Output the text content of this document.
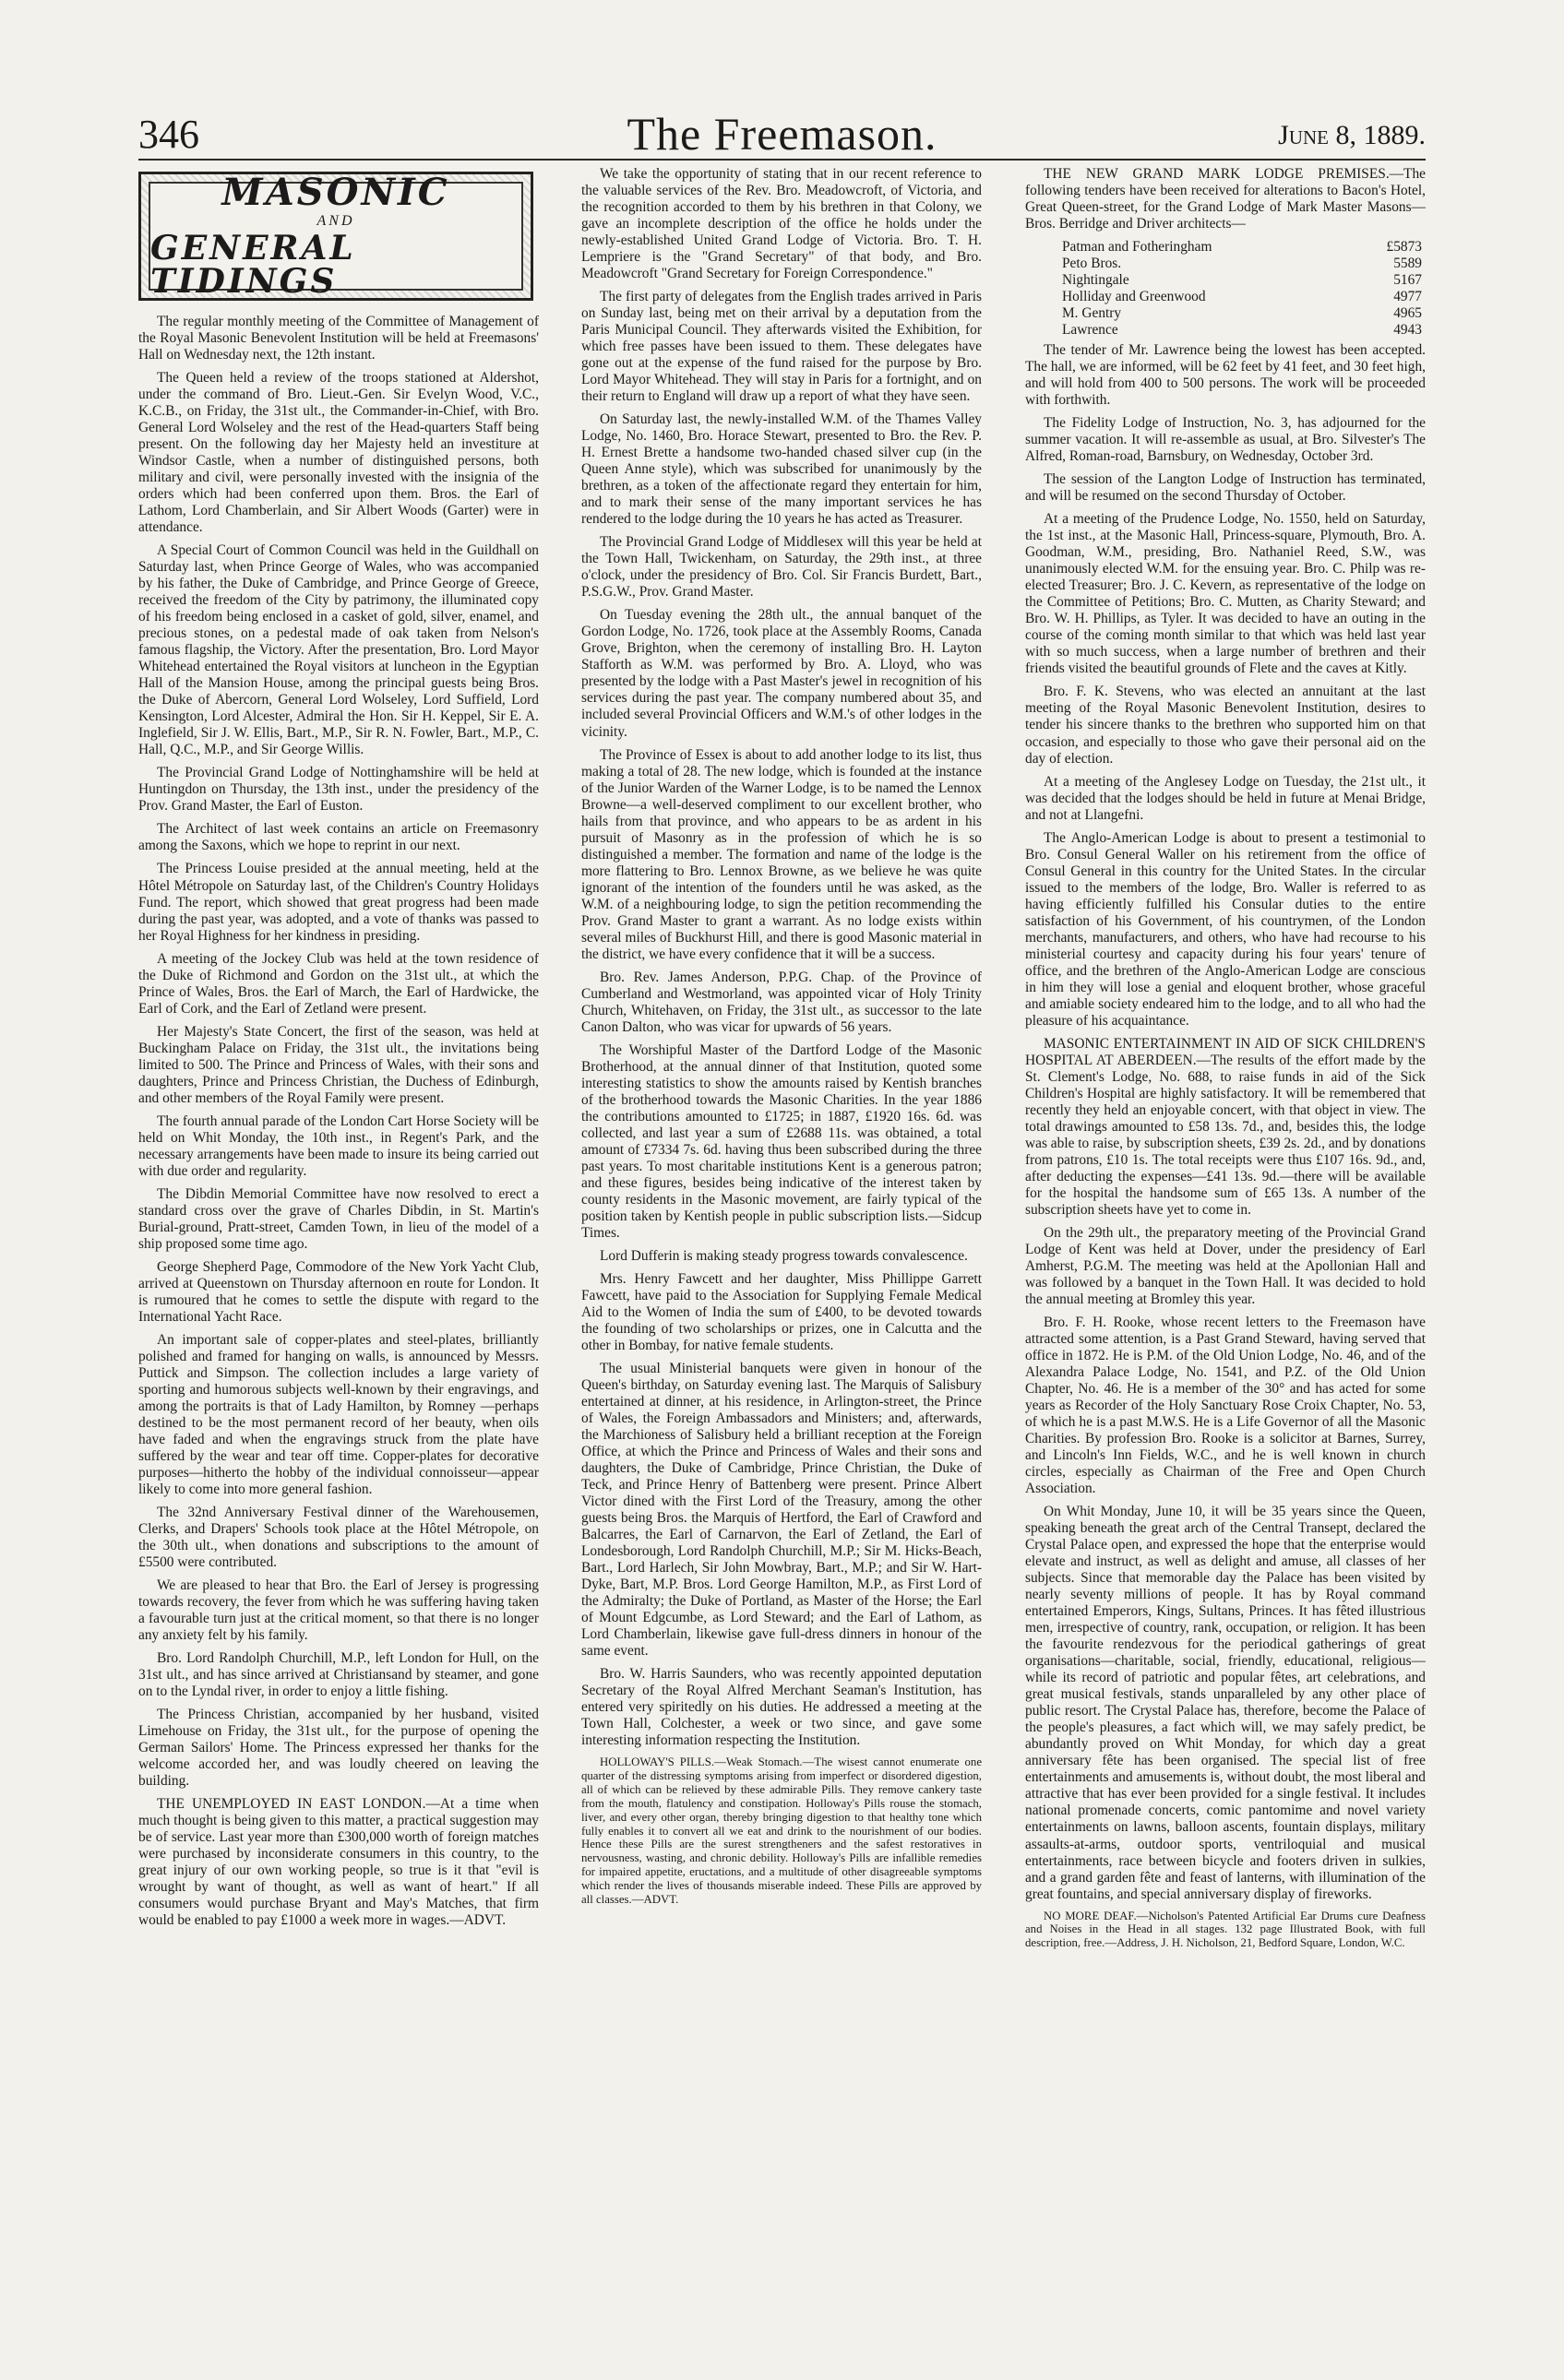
346	The Freemason.	June 8, 1889.
MASONIC
AND
GENERAL TIDINGS

The regular monthly meeting of the Committee of Management of the Royal Masonic Benevolent Institution will be held at Freemasons' Hall on Wednesday next, the 12th instant.

The Queen held a review of the troops stationed at Aldershot, under the command of Bro. Lieut.-Gen. Sir Evelyn Wood, V.C., K.C.B., on Friday, the 31st ult., the Commander-in-Chief, with Bro. General Lord Wolseley and the rest of the Head-quarters Staff being present. On the following day her Majesty held an investiture at Windsor Castle, when a number of distinguished persons, both military and civil, were personally invested with the insignia of the orders which had been conferred upon them. Bros. the Earl of Lathom, Lord Chamberlain, and Sir Albert Woods (Garter) were in attendance.

A Special Court of Common Council was held in the Guildhall on Saturday last, when Prince George of Wales, who was accompanied by his father, the Duke of Cambridge, and Prince George of Greece, received the freedom of the City by patrimony, the illuminated copy of his freedom being enclosed in a casket of gold, silver, enamel, and precious stones, on a pedestal made of oak taken from Nelson's famous flagship, the Victory. After the presentation, Bro. Lord Mayor Whitehead entertained the Royal visitors at luncheon in the Egyptian Hall of the Mansion House, among the principal guests being Bros. the Duke of Abercorn, General Lord Wolseley, Lord Suffield, Lord Kensington, Lord Alcester, Admiral the Hon. Sir H. Keppel, Sir E. A. Inglefield, Sir J. W. Ellis, Bart., M.P., Sir R. N. Fowler, Bart., M.P., C. Hall, Q.C., M.P., and Sir George Willis.

The Provincial Grand Lodge of Nottinghamshire will be held at Huntingdon on Thursday, the 13th inst., under the presidency of the Prov. Grand Master, the Earl of Euston.

The Architect of last week contains an article on Freemasonry among the Saxons, which we hope to reprint in our next.

The Princess Louise presided at the annual meeting, held at the Hôtel Métropole on Saturday last, of the Children's Country Holidays Fund. The report, which showed that great progress had been made during the past year, was adopted, and a vote of thanks was passed to her Royal Highness for her kindness in presiding.

A meeting of the Jockey Club was held at the town residence of the Duke of Richmond and Gordon on the 31st ult., at which the Prince of Wales, Bros. the Earl of March, the Earl of Hardwicke, the Earl of Cork, and the Earl of Zetland were present.

Her Majesty's State Concert, the first of the season, was held at Buckingham Palace on Friday, the 31st ult., the invitations being limited to 500. The Prince and Princess of Wales, with their sons and daughters, Prince and Princess Christian, the Duchess of Edinburgh, and other members of the Royal Family were present.

The fourth annual parade of the London Cart Horse Society will be held on Whit Monday, the 10th inst., in Regent's Park, and the necessary arrangements have been made to insure its being carried out with due order and regularity.

The Dibdin Memorial Committee have now resolved to erect a standard cross over the grave of Charles Dibdin, in St. Martin's Burial-ground, Pratt-street, Camden Town, in lieu of the model of a ship proposed some time ago.

George Shepherd Page, Commodore of the New York Yacht Club, arrived at Queenstown on Thursday afternoon en route for London. It is rumoured that he comes to settle the dispute with regard to the International Yacht Race.

An important sale of copper-plates and steel-plates, brilliantly polished and framed for hanging on walls, is announced by Messrs. Puttick and Simpson. The collection includes a large variety of sporting and humorous subjects well-known by their engravings, and among the portraits is that of Lady Hamilton, by Romney —perhaps destined to be the most permanent record of her beauty, when oils have faded and when the engravings struck from the plate have suffered by the wear and tear off time. Copper-plates for decorative purposes—hitherto the hobby of the individual connoisseur—appear likely to come into more general fashion.

The 32nd Anniversary Festival dinner of the Warehousemen, Clerks, and Drapers' Schools took place at the Hôtel Métropole, on the 30th ult., when donations and subscriptions to the amount of £5500 were contributed.

We are pleased to hear that Bro. the Earl of Jersey is progressing towards recovery, the fever from which he was suffering having taken a favourable turn just at the critical moment, so that there is no longer any anxiety felt by his family.

Bro. Lord Randolph Churchill, M.P., left London for Hull, on the 31st ult., and has since arrived at Christiansand by steamer, and gone on to the Lyndal river, in order to enjoy a little fishing.

The Princess Christian, accompanied by her husband, visited Limehouse on Friday, the 31st ult., for the purpose of opening the German Sailors' Home. The Princess expressed her thanks for the welcome accorded her, and was loudly cheered on leaving the building.

THE UNEMPLOYED IN EAST LONDON.—At a time when much thought is being given to this matter, a practical suggestion may be of service. Last year more than £300,000 worth of foreign matches were purchased by inconsiderate consumers in this country, to the great injury of our own working people, so true is it that "evil is wrought by want of thought, as well as want of heart." If all consumers would purchase Bryant and May's Matches, that firm would be enabled to pay £1000 a week more in wages.—ADVT.

We take the opportunity of stating that in our recent reference to the valuable services of the Rev. Bro. Meadowcroft, of Victoria, and the recognition accorded to them by his brethren in that Colony, we gave an incomplete description of the office he holds under the newly-established United Grand Lodge of Victoria. Bro. T. H. Lempriere is the "Grand Secretary" of that body, and Bro. Meadowcroft "Grand Secretary for Foreign Correspondence."

The first party of delegates from the English trades arrived in Paris on Sunday last, being met on their arrival by a deputation from the Paris Municipal Council. They afterwards visited the Exhibition, for which free passes have been issued to them. These delegates have gone out at the expense of the fund raised for the purpose by Bro. Lord Mayor Whitehead. They will stay in Paris for a fortnight, and on their return to England will draw up a report of what they have seen.

On Saturday last, the newly-installed W.M. of the Thames Valley Lodge, No. 1460, Bro. Horace Stewart, presented to Bro. the Rev. P. H. Ernest Brette a handsome two-handed chased silver cup (in the Queen Anne style), which was subscribed for unanimously by the brethren, as a token of the affectionate regard they entertain for him, and to mark their sense of the many important services he has rendered to the lodge during the 10 years he has acted as Treasurer.

The Provincial Grand Lodge of Middlesex will this year be held at the Town Hall, Twickenham, on Saturday, the 29th inst., at three o'clock, under the presidency of Bro. Col. Sir Francis Burdett, Bart., P.S.G.W., Prov. Grand Master.

On Tuesday evening the 28th ult., the annual banquet of the Gordon Lodge, No. 1726, took place at the Assembly Rooms, Canada Grove, Brighton, when the ceremony of installing Bro. H. Layton Stafforth as W.M. was performed by Bro. A. Lloyd, who was presented by the lodge with a Past Master's jewel in recognition of his services during the past year. The company numbered about 35, and included several Provincial Officers and W.M.'s of other lodges in the vicinity.

The Province of Essex is about to add another lodge to its list, thus making a total of 28. The new lodge, which is founded at the instance of the Junior Warden of the Warner Lodge, is to be named the Lennox Browne—a well-deserved compliment to our excellent brother, who hails from that province, and who appears to be as ardent in his pursuit of Masonry as in the profession of which he is so distinguished a member. The formation and name of the lodge is the more flattering to Bro. Lennox Browne, as we believe he was quite ignorant of the intention of the founders until he was asked, as the W.M. of a neighbouring lodge, to sign the petition recommending the Prov. Grand Master to grant a warrant. As no lodge exists within several miles of Buckhurst Hill, and there is good Masonic material in the district, we have every confidence that it will be a success.

Bro. Rev. James Anderson, P.P.G. Chap. of the Province of Cumberland and Westmorland, was appointed vicar of Holy Trinity Church, Whitehaven, on Friday, the 31st ult., as successor to the late Canon Dalton, who was vicar for upwards of 56 years.

The Worshipful Master of the Dartford Lodge of the Masonic Brotherhood, at the annual dinner of that Institution, quoted some interesting statistics to show the amounts raised by Kentish branches of the brotherhood towards the Masonic Charities. In the year 1886 the contributions amounted to £1725; in 1887, £1920 16s. 6d. was collected, and last year a sum of £2688 11s. was obtained, a total amount of £7334 7s. 6d. having thus been subscribed during the three past years. To most charitable institutions Kent is a generous patron; and these figures, besides being indicative of the interest taken by county residents in the Masonic movement, are fairly typical of the position taken by Kentish people in public subscription lists.—Sidcup Times.

Lord Dufferin is making steady progress towards convalescence.

Mrs. Henry Fawcett and her daughter, Miss Phillippe Garrett Fawcett, have paid to the Association for Supplying Female Medical Aid to the Women of India the sum of £400, to be devoted towards the founding of two scholarships or prizes, one in Calcutta and the other in Bombay, for native female students.

The usual Ministerial banquets were given in honour of the Queen's birthday, on Saturday evening last. The Marquis of Salisbury entertained at dinner, at his residence, in Arlington-street, the Prince of Wales, the Foreign Ambassadors and Ministers; and, afterwards, the Marchioness of Salisbury held a brilliant reception at the Foreign Office, at which the Prince and Princess of Wales and their sons and daughters, the Duke of Cambridge, Prince Christian, the Duke of Teck, and Prince Henry of Battenberg were present. Prince Albert Victor dined with the First Lord of the Treasury, among the other guests being Bros. the Marquis of Hertford, the Earl of Crawford and Balcarres, the Earl of Carnarvon, the Earl of Zetland, the Earl of Londesborough, Lord Randolph Churchill, M.P.; Sir M. Hicks-Beach, Bart., Lord Harlech, Sir John Mowbray, Bart., M.P.; and Sir W. Hart-Dyke, Bart, M.P. Bros. Lord George Hamilton, M.P., as First Lord of the Admiralty; the Duke of Portland, as Master of the Horse; the Earl of Mount Edgcumbe, as Lord Steward; and the Earl of Lathom, as Lord Chamberlain, likewise gave full-dress dinners in honour of the same event.

Bro. W. Harris Saunders, who was recently appointed deputation Secretary of the Royal Alfred Merchant Seaman's Institution, has entered very spiritedly on his duties. He addressed a meeting at the Town Hall, Colchester, a week or two since, and gave some interesting information respecting the Institution.

HOLLOWAY'S PILLS.—Weak Stomach.—The wisest cannot enumerate one quarter of the distressing symptoms arising from imperfect or disordered digestion, all of which can be relieved by these admirable Pills. They remove cankery taste from the mouth, flatulency and constipation. Holloway's Pills rouse the stomach, liver, and every other organ, thereby bringing digestion to that healthy tone which fully enables it to convert all we eat and drink to the nourishment of our bodies. Hence these Pills are the surest strengtheners and the safest restoratives in nervousness, wasting, and chronic debility. Holloway's Pills are infallible remedies for impaired appetite, eructations, and a multitude of other disagreeable symptoms which render the lives of thousands miserable indeed. These Pills are approved by all classes.—ADVT.

THE NEW GRAND MARK LODGE PREMISES.—The following tenders have been received for alterations to Bacon's Hotel, Great Queen-street, for the Grand Lodge of Mark Master Masons—Bros. Berridge and Driver architects—

Patman and Fotheringham	£5873
Peto Bros.	5589
Nightingale	5167
Holliday and Greenwood	4977
M. Gentry	4965
Lawrence	4943

The tender of Mr. Lawrence being the lowest has been accepted. The hall, we are informed, will be 62 feet by 41 feet, and 30 feet high, and will hold from 400 to 500 persons. The work will be proceeded with forthwith.

The Fidelity Lodge of Instruction, No. 3, has adjourned for the summer vacation. It will re-assemble as usual, at Bro. Silvester's The Alfred, Roman-road, Barnsbury, on Wednesday, October 3rd.

The session of the Langton Lodge of Instruction has terminated, and will be resumed on the second Thursday of October.

At a meeting of the Prudence Lodge, No. 1550, held on Saturday, the 1st inst., at the Masonic Hall, Princess-square, Plymouth, Bro. A. Goodman, W.M., presiding, Bro. Nathaniel Reed, S.W., was unanimously elected W.M. for the ensuing year. Bro. C. Philp was re-elected Treasurer; Bro. J. C. Kevern, as representative of the lodge on the Committee of Petitions; Bro. C. Mutten, as Charity Steward; and Bro. W. H. Phillips, as Tyler. It was decided to have an outing in the course of the coming month similar to that which was held last year with so much success, when a large number of brethren and their friends visited the beautiful grounds of Flete and the caves at Kitly.

Bro. F. K. Stevens, who was elected an annuitant at the last meeting of the Royal Masonic Benevolent Institution, desires to tender his sincere thanks to the brethren who supported him on that occasion, and especially to those who gave their personal aid on the day of election.

At a meeting of the Anglesey Lodge on Tuesday, the 21st ult., it was decided that the lodges should be held in future at Menai Bridge, and not at Llangefni.

The Anglo-American Lodge is about to present a testimonial to Bro. Consul General Waller on his retirement from the office of Consul General in this country for the United States. In the circular issued to the members of the lodge, Bro. Waller is referred to as having efficiently fulfilled his Consular duties to the entire satisfaction of his Government, of his countrymen, of the London merchants, manufacturers, and others, who have had recourse to his ministerial courtesy and capacity during his four years' tenure of office, and the brethren of the Anglo-American Lodge are conscious in him they will lose a genial and eloquent brother, whose graceful and amiable society endeared him to the lodge, and to all who had the pleasure of his acquaintance.

MASONIC ENTERTAINMENT IN AID OF SICK CHILDREN'S HOSPITAL AT ABERDEEN.—The results of the effort made by the St. Clement's Lodge, No. 688, to raise funds in aid of the Sick Children's Hospital are highly satisfactory. It will be remembered that recently they held an enjoyable concert, with that object in view. The total drawings amounted to £58 13s. 7d., and, besides this, the lodge was able to raise, by subscription sheets, £39 2s. 2d., and by donations from patrons, £10 1s. The total receipts were thus £107 16s. 9d., and, after deducting the expenses—£41 13s. 9d.—there will be available for the hospital the handsome sum of £65 13s. A number of the subscription sheets have yet to come in.

On the 29th ult., the preparatory meeting of the Provincial Grand Lodge of Kent was held at Dover, under the presidency of Earl Amherst, P.G.M. The meeting was held at the Apollonian Hall and was followed by a banquet in the Town Hall. It was decided to hold the annual meeting at Bromley this year.

Bro. F. H. Rooke, whose recent letters to the Freemason have attracted some attention, is a Past Grand Steward, having served that office in 1872. He is P.M. of the Old Union Lodge, No. 46, and of the Alexandra Palace Lodge, No. 1541, and P.Z. of the Old Union Chapter, No. 46. He is a member of the 30° and has acted for some years as Recorder of the Holy Sanctuary Rose Croix Chapter, No. 53, of which he is a past M.W.S. He is a Life Governor of all the Masonic Charities. By profession Bro. Rooke is a solicitor at Barnes, Surrey, and Lincoln's Inn Fields, W.C., and he is well known in church circles, especially as Chairman of the Free and Open Church Association.

On Whit Monday, June 10, it will be 35 years since the Queen, speaking beneath the great arch of the Central Transept, declared the Crystal Palace open, and expressed the hope that the enterprise would elevate and instruct, as well as delight and amuse, all classes of her subjects. Since that memorable day the Palace has been visited by nearly seventy millions of people. It has by Royal command entertained Emperors, Kings, Sultans, Princes. It has fêted illustrious men, irrespective of country, rank, occupation, or religion. It has been the favourite rendezvous for the periodical gatherings of great organisations—charitable, social, friendly, educational, religious—while its record of patriotic and popular fêtes, art celebrations, and great musical festivals, stands unparalleled by any other place of public resort. The Crystal Palace has, therefore, become the Palace of the people's pleasures, a fact which will, we may safely predict, be abundantly proved on Whit Monday, for which day a great anniversary fête has been organised. The special list of free entertainments and amusements is, without doubt, the most liberal and attractive that has ever been provided for a single festival. It includes national promenade concerts, comic pantomime and novel variety entertainments on lawns, balloon ascents, fountain displays, military assaults-at-arms, outdoor sports, ventriloquial and musical entertainments, race between bicycle and footers driven in sulkies, and a grand garden fête and feast of lanterns, with illumination of the great fountains, and special anniversary display of fireworks.

NO MORE DEAF.—Nicholson's Patented Artificial Ear Drums cure Deafness and Noises in the Head in all stages. 132 page Illustrated Book, with full description, free.—Address, J. H. Nicholson, 21, Bedford Square, London, W.C.
